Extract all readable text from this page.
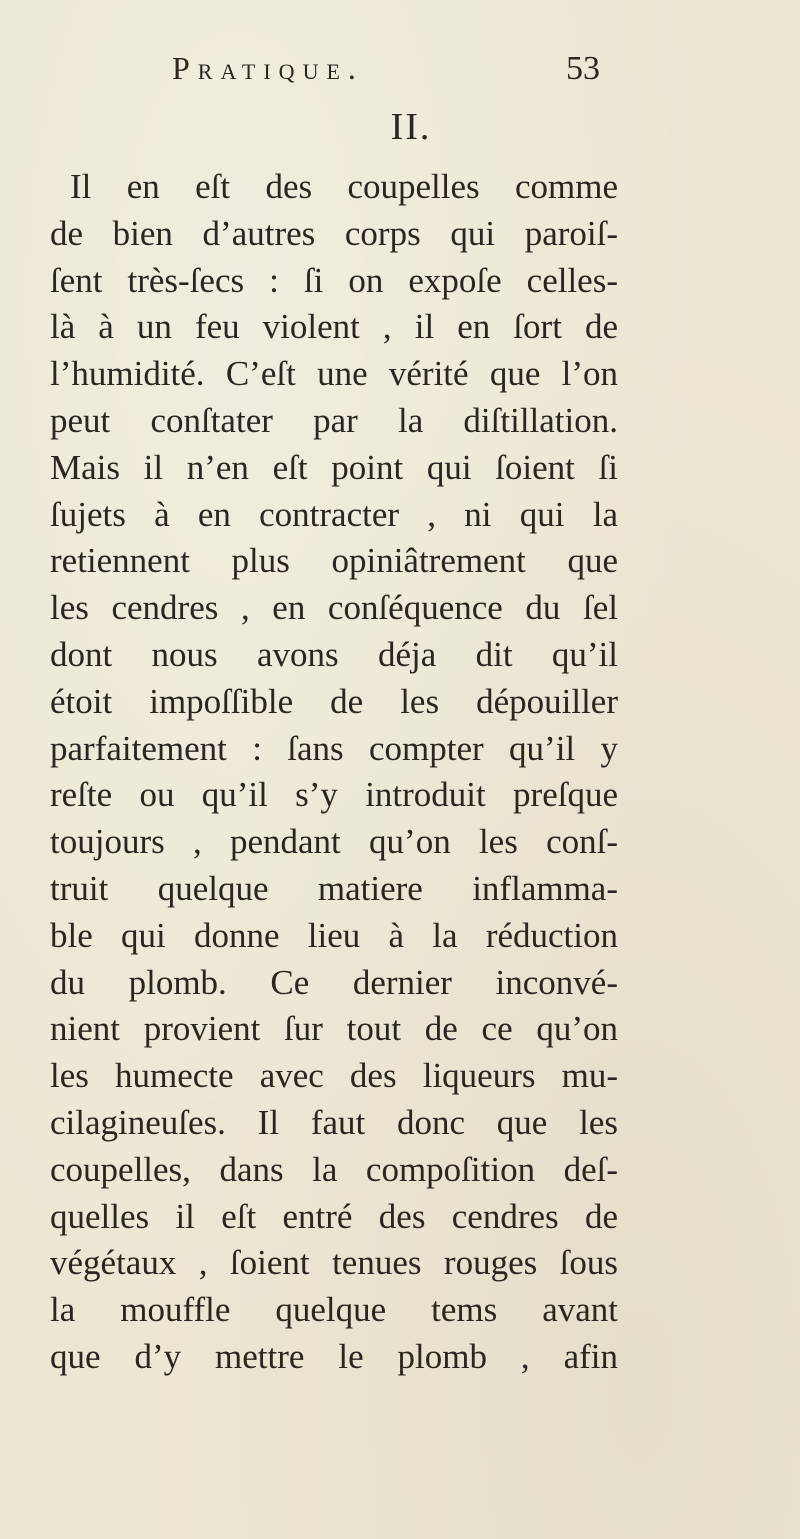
Pratique.	53
II.
Il en eſt des coupelles comme
de bien d’autres corps qui paroiſ-
ſent très-ſecs : ſi on expoſe celles-
là à un feu violent , il en ſort de
l’humidité. C’eſt une vérité que l’on
peut conſtater par la diſtillation.
Mais il n’en eſt point qui ſoient ſi
ſujets à en contracter , ni qui la
retiennent plus opiniâtrement que
les cendres , en conſéquence du ſel
dont nous avons déja dit qu’il
étoit impoſſible de les dépouiller
parfaitement : ſans compter qu’il y
reſte ou qu’il s’y introduit preſque
toujours , pendant qu’on les conſ-
truit quelque matiere inflamma-
ble qui donne lieu à la réduction
du plomb. Ce dernier inconvé-
nient provient ſur tout de ce qu’on
les humecte avec des liqueurs mu-
cilagineuſes. Il faut donc que les
coupelles, dans la compoſition deſ-
quelles il eſt entré des cendres de
végétaux , ſoient tenues rouges ſous
la mouffle quelque tems avant
que d’y mettre le plomb , afin
